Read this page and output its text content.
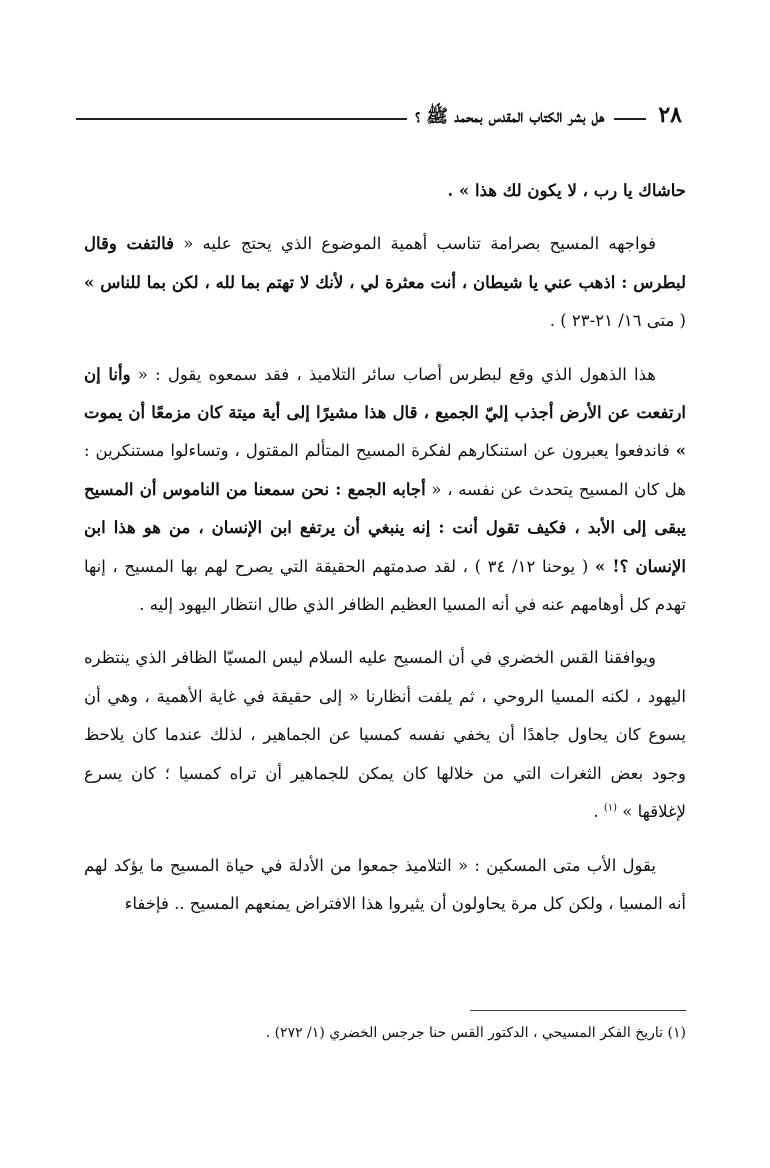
٢٨
هل بشر الكتاب المقدس بمحمد ﷺ ؟

حاشاك يا رب ، لا يكون لك هذا » .

فواجهه المسيح بصرامة تناسب أهمية الموضوع الذي يحتج عليه « فالتفت وقال لبطرس : اذهب عني يا شيطان ، أنت معثرة لي ، لأنك لا تهتم بما لله ، لكن بما للناس » ( متى ١٦/ ٢١-٢٣ ) .

هذا الذهول الذي وقع لبطرس أصاب سائر التلاميذ ، فقد سمعوه يقول : « وأنا إن ارتفعت عن الأرض أجذب إليّ الجميع ، قال هذا مشيرًا إلى أية ميتة كان مزمعًا أن يموت » فاندفعوا يعبرون عن استنكارهم لفكرة المسيح المتألم المقتول ، وتساءلوا مستنكرين : هل كان المسيح يتحدث عن نفسه ، « أجابه الجمع : نحن سمعنا من الناموس أن المسيح يبقى إلى الأبد ، فكيف تقول أنت : إنه ينبغي أن يرتفع ابن الإنسان ، من هو هذا ابن الإنسان ؟! » ( يوحنا ١٢/ ٣٤ ) ، لقد صدمتهم الحقيقة التي يصرح لهم بها المسيح ، إنها تهدم كل أوهامهم عنه في أنه المسيا العظيم الظافر الذي طال انتظار اليهود إليه .

ويوافقنا القس الخضري في أن المسيح عليه السلام ليس المسيّا الظافر الذي ينتظره اليهود ، لكنه المسيا الروحي ، ثم يلفت أنظارنا « إلى حقيقة في غاية الأهمية ، وهي أن يسوع كان يحاول جاهدًا أن يخفي نفسه كمسيا عن الجماهير ، لذلك عندما كان يلاحظ وجود بعض الثغرات التي من خلالها كان يمكن للجماهير أن تراه كمسيا ؛ كان يسرع لإغلاقها » $^{(١)}$ .

يقول الأب متى المسكين : « التلاميذ جمعوا من الأدلة في حياة المسيح ما يؤكد لهم أنه المسيا ، ولكن كل مرة يحاولون أن يثيروا هذا الافتراض يمنعهم المسيح .. فإخفاء

(١) تاريخ الفكر المسيحي ، الدكتور القس حنا جرجس الخضري (١/ ٢٧٢) .
